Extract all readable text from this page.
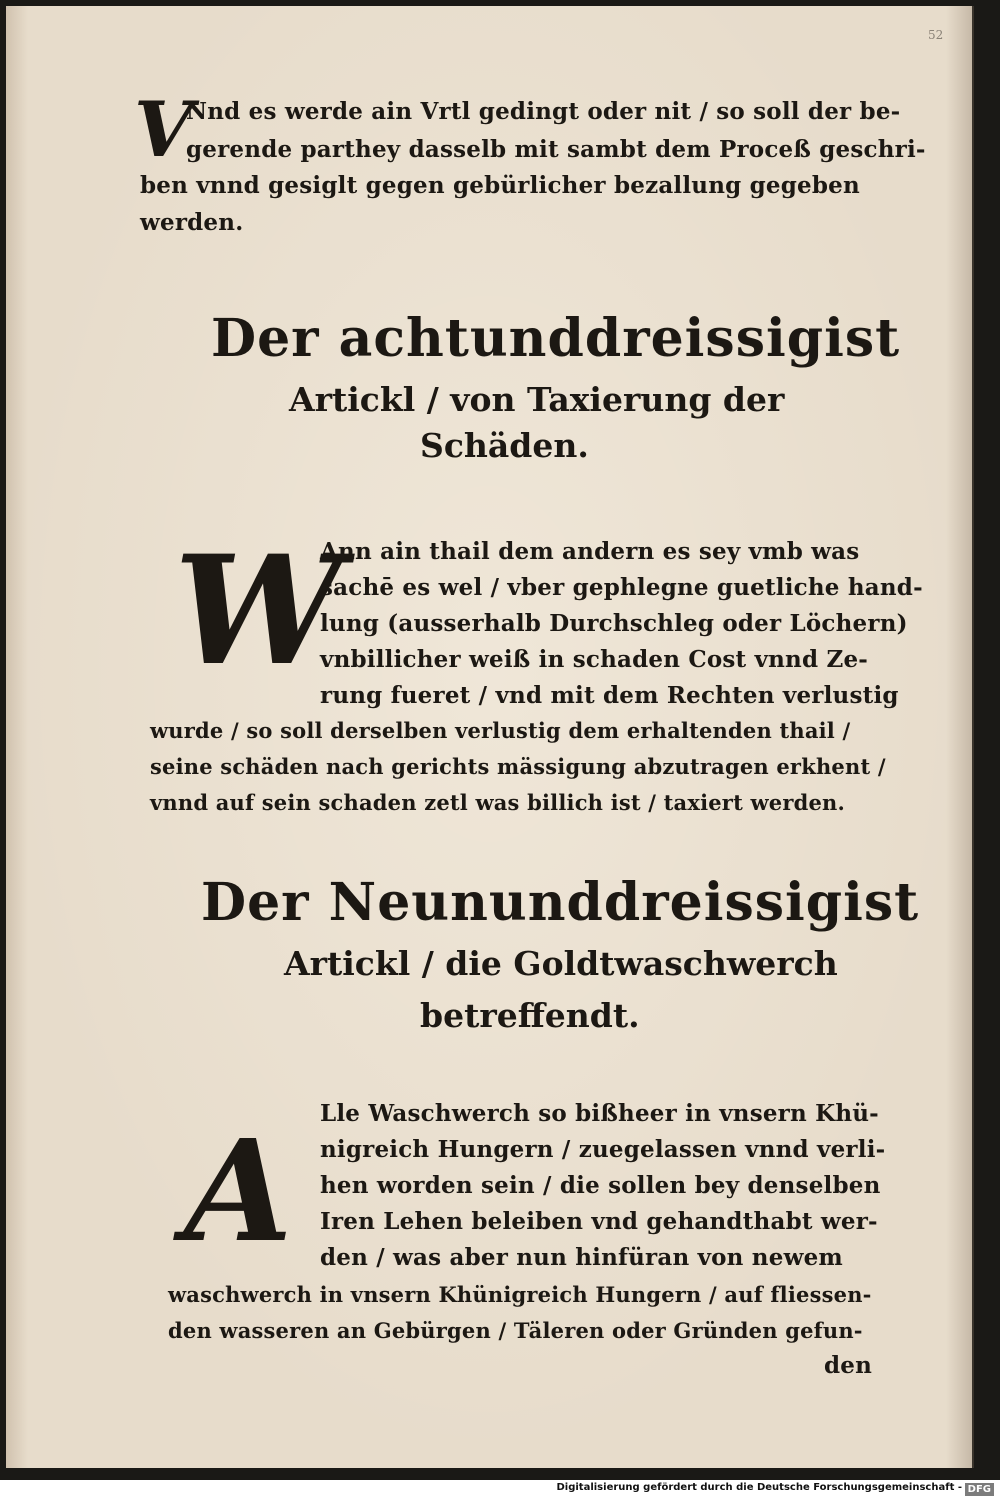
52
V
Nnd es werde ain Vrtl gedingt oder nit / so soll der be-
gerende parthey dasselb mit sambt dem Proceß geschri-
ben vnnd gesiglt gegen gebürlicher bezallung gegeben
werden.
Der achtunddreissigist
Artickl / von Taxierung der
Schäden.
W
Ann ain thail dem andern es sey vmb was
sachē es wel / vber gephlegne guetliche hand-
lung (ausserhalb Durchschleg oder Löchern)
vnbillicher weiß in schaden Cost vnnd Ze-
rung fueret / vnd mit dem Rechten verlustig
wurde / so soll derselben verlustig dem erhaltenden thail /
seine schäden nach gerichts mässigung abzutragen erkhent /
vnnd auf sein schaden zetl was billich ist / taxiert werden.
Der Neununddreissigist
Artickl / die Goldtwaschwerch
betreffendt.
A Lle Waschwerch so bißheer in vnsern Khü-
nigreich Hungern / zuegelassen vnnd verli-
hen worden sein / die sollen bey denselben
Iren Lehen beleiben vnd gehandthabt wer-
den / was aber nun hinfüran von newem
waschwerch in vnsern Khünigreich Hungern / auf fliessen-
den wasseren an Gebürgen / Täleren oder Gründen gefun-
den
Digitalisierung gefördert durch die Deutsche Forschungsgemeinschaft - DFG
